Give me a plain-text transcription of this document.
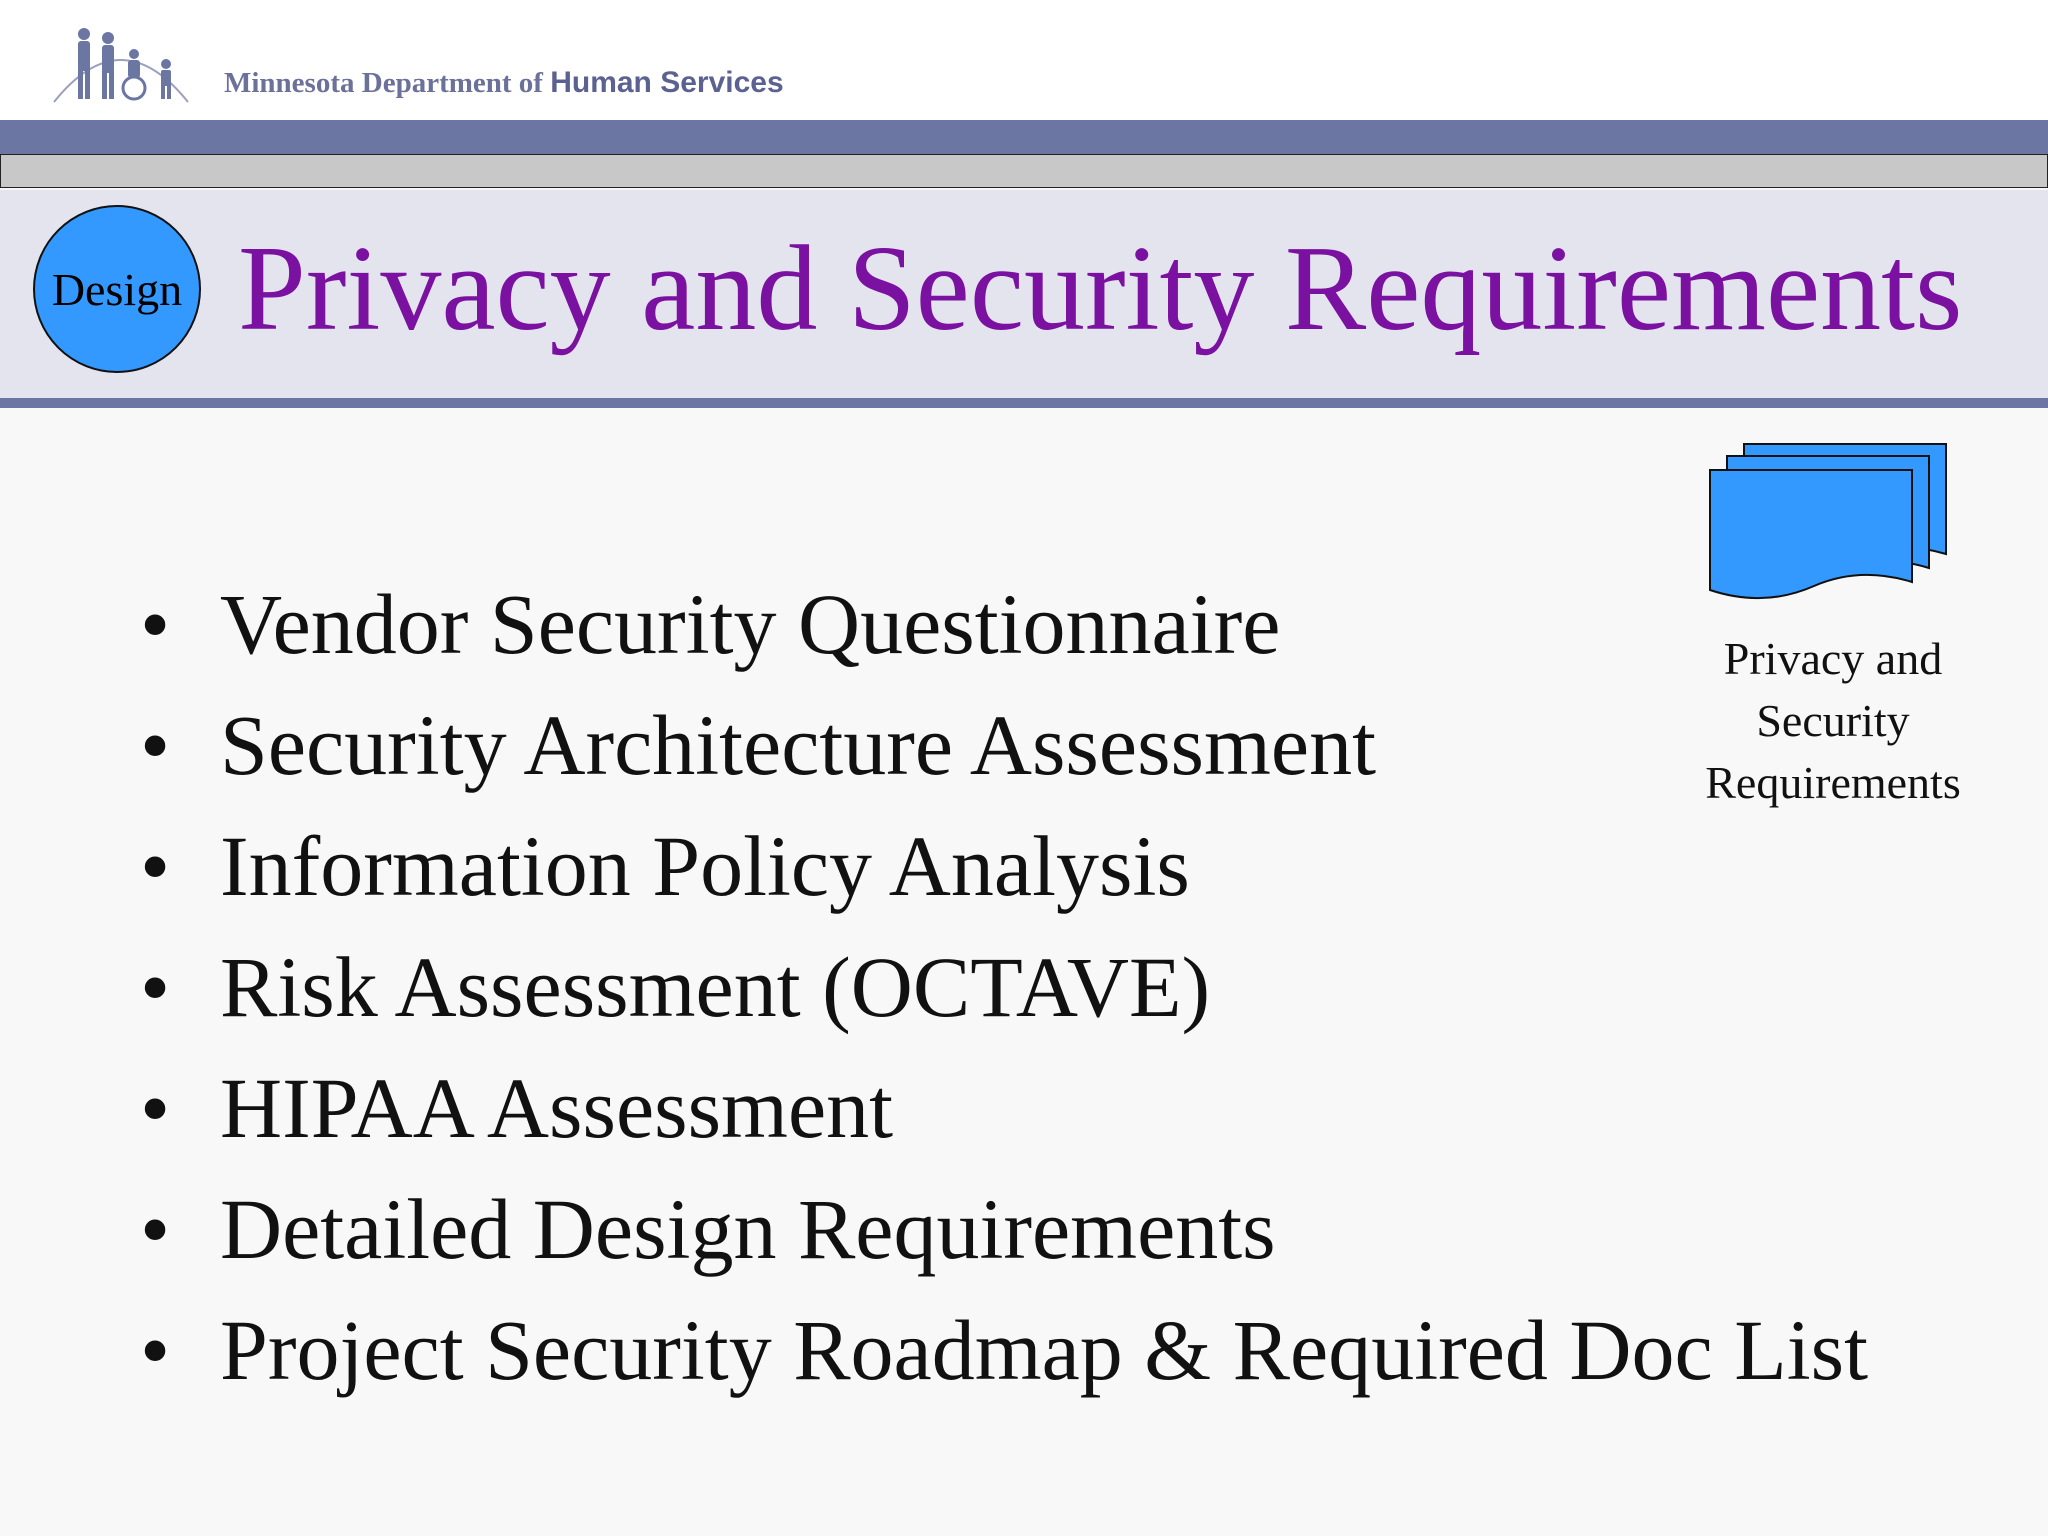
Minnesota Department of Human Services
Design Privacy and Security Requirements
• Vendor Security Questionnaire
• Security Architecture Assessment
• Information Policy Analysis
• Risk Assessment (OCTAVE)
• HIPAA Assessment
• Detailed Design Requirements
• Project Security Roadmap & Required Doc List
Privacy and Security Requirements
